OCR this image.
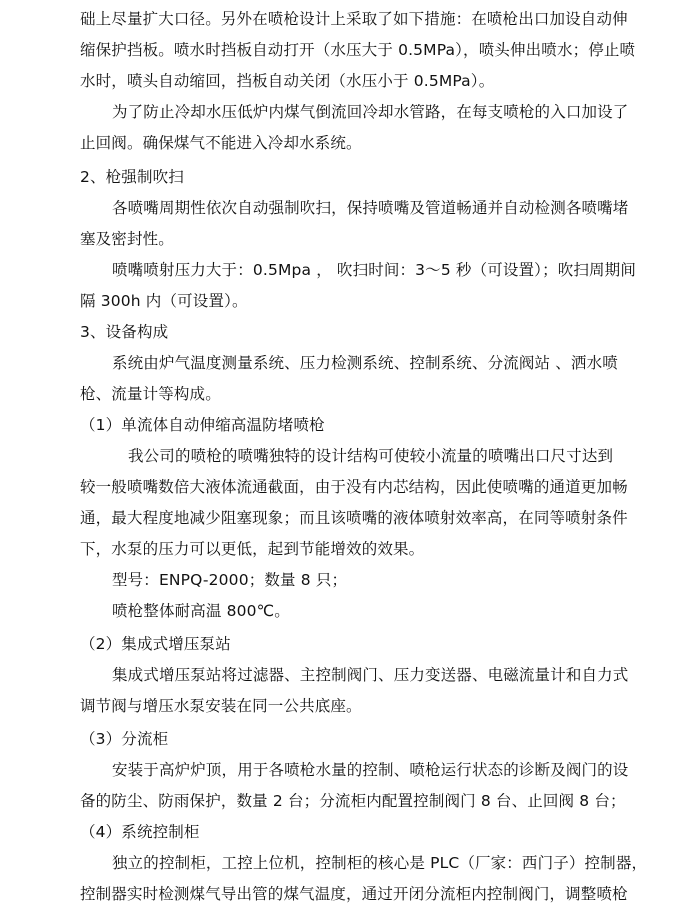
础上尽量扩大口径。另外在喷枪设计上采取了如下措施：在喷枪出口加设自动伸
缩保护挡板。喷水时挡板自动打开（水压大于 0.5MPa），喷头伸出喷水；停止喷
水时，喷头自动缩回，挡板自动关闭（水压小于 0.5MPa）。
为了防止冷却水压低炉内煤气倒流回冷却水管路，在每支喷枪的入口加设了
止回阀。确保煤气不能进入冷却水系统。
2、枪强制吹扫
各喷嘴周期性依次自动强制吹扫，保持喷嘴及管道畅通并自动检测各喷嘴堵
塞及密封性。
喷嘴喷射压力大于：0.5Mpa ， 吹扫时间：3～5 秒（可设置）；吹扫周期间
隔 300h 内（可设置）。
3、设备构成
系统由炉气温度测量系统、压力检测系统、控制系统、分流阀站 、洒水喷
枪、流量计等构成。
（1）单流体自动伸缩高温防堵喷枪
我公司的喷枪的喷嘴独特的设计结构可使较小流量的喷嘴出口尺寸达到
较一般喷嘴数倍大液体流通截面，由于没有内芯结构，因此使喷嘴的通道更加畅
通，最大程度地减少阻塞现象；而且该喷嘴的液体喷射效率高，在同等喷射条件
下，水泵的压力可以更低，起到节能增效的效果。
型号：ENPQ-2000；数量 8 只；
喷枪整体耐高温 800℃。
（2）集成式增压泵站
集成式增压泵站将过滤器、主控制阀门、压力变送器、电磁流量计和自力式
调节阀与增压水泵安装在同一公共底座。
（3）分流柜
安装于高炉炉顶，用于各喷枪水量的控制、喷枪运行状态的诊断及阀门的设
备的防尘、防雨保护，数量 2 台；分流柜内配置控制阀门 8 台、止回阀 8 台；
（4）系统控制柜
独立的控制柜，工控上位机，控制柜的核心是 PLC（厂家：西门子）控制器，
控制器实时检测煤气导出管的煤气温度，通过开闭分流柜内控制阀门，调整喷枪
